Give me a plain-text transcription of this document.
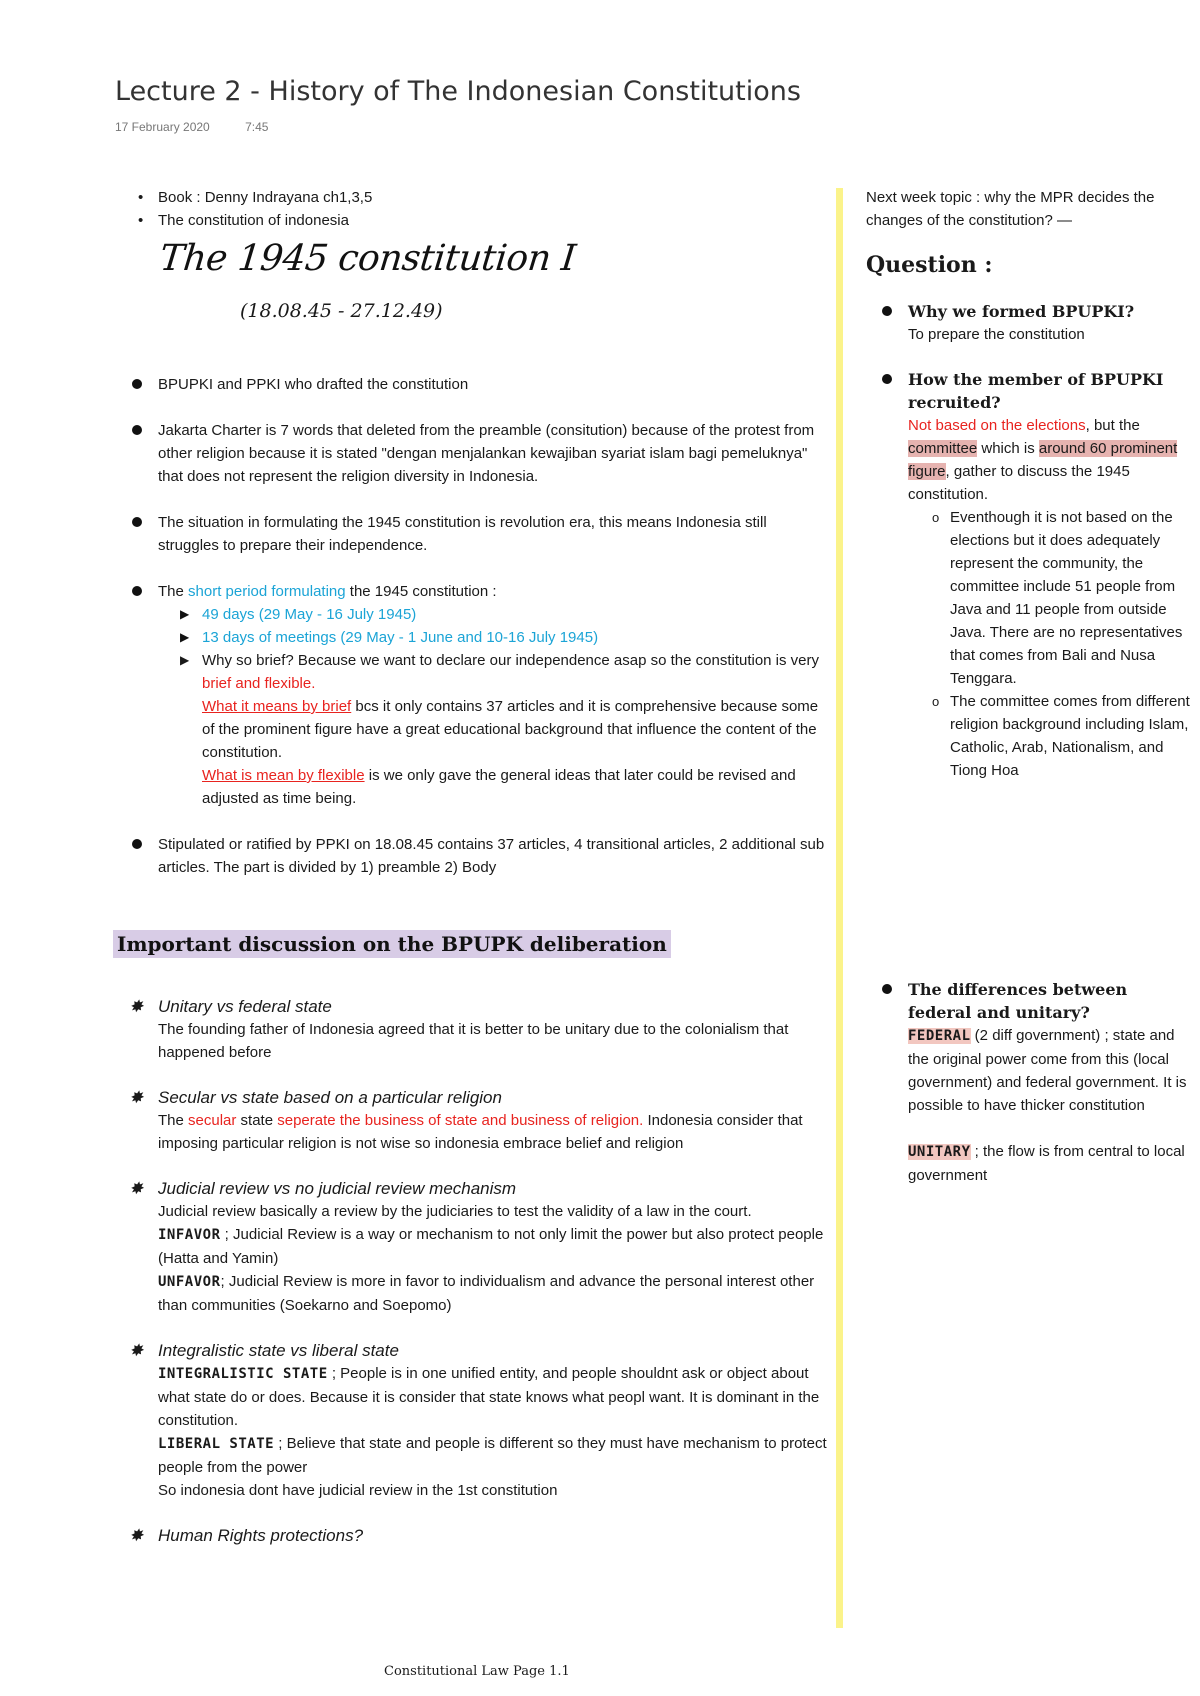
Lecture 2 - History of The Indonesian Constitutions
17 February 2020	7:45
Book : Denny Indrayana ch1,3,5
The constitution of indonesia
The 1945 constitution I
(18.08.45 - 27.12.49)
BPUPKI and PPKI who drafted the constitution
Jakarta Charter is 7 words that deleted from the preamble (consitution) because of the protest from other religion because it is stated "dengan menjalankan kewajiban syariat islam bagi pemeluknya" that does not represent the religion diversity in Indonesia.
The situation in formulating the 1945 constitution is revolution era, this means Indonesia still struggles to prepare their independence.
The short period formulating the 1945 constitution :
▶ 49 days (29 May - 16 July 1945)
▶ 13 days of meetings (29 May - 1 June and 10-16 July 1945)
▶ Why so brief? Because we want to declare our independence asap so the constitution is very brief and flexible.
What it means by brief bcs it only contains 37 articles and it is comprehensive because some of the prominent figure have a great educational background that influence the content of the constitution.
What is mean by flexible is we only gave the general ideas that later could be revised and adjusted as time being.
Stipulated or ratified by PPKI on 18.08.45 contains 37 articles, 4 transitional articles, 2 additional sub articles. The part is divided by 1) preamble 2) Body
Important discussion on the BPUPK deliberation
✸ Unitary vs federal state
The founding father of Indonesia agreed that it is better to be unitary due to the colonialism that happened before
✸ Secular vs state based on a particular religion
The secular state seperate the business of state and business of religion. Indonesia consider that imposing particular religion is not wise so indonesia embrace belief and religion
✸ Judicial review vs no judicial review mechanism
Judicial review basically a review by the judiciaries to test the validity of a law in the court.
INFAVOR ; Judicial Review is a way or mechanism to not only limit the power but also protect people (Hatta and Yamin)
UNFAVOR; Judicial Review is more in favor to individualism and advance the personal interest other than communities (Soekarno and Soepomo)
✸ Integralistic state vs liberal state
INTEGRALISTIC STATE ; People is in one unified entity, and people shouldnt ask or object about what state do or does. Because it is consider that state knows what peopl want. It is dominant in the constitution.
LIBERAL STATE ; Believe that state and people is different so they must have mechanism to protect people from the power
So indonesia dont have judicial review in the 1st constitution
✸ Human Rights protections?
Next week topic : why the MPR decides the changes of the constitution? —
Question :
Why we formed BPUPKI?
To prepare the constitution
How the member of BPUPKI recruited?
Not based on the elections, but the committee which is around 60 prominent figure, gather to discuss the 1945 constitution.
o Eventhough it is not based on the elections but it does adequately represent the community, the committee include 51 people from Java and 11 people from outside Java. There are no representatives that comes from Bali and Nusa Tenggara.
o The committee comes from different religion background including Islam, Catholic, Arab, Nationalism, and Tiong Hoa
The differences between federal and unitary?
FEDERAL (2 diff government) ; state and the original power come from this (local government) and federal government. It is possible to have thicker constitution
UNITARY ; the flow is from central to local government
Constitutional Law Page 1.1
